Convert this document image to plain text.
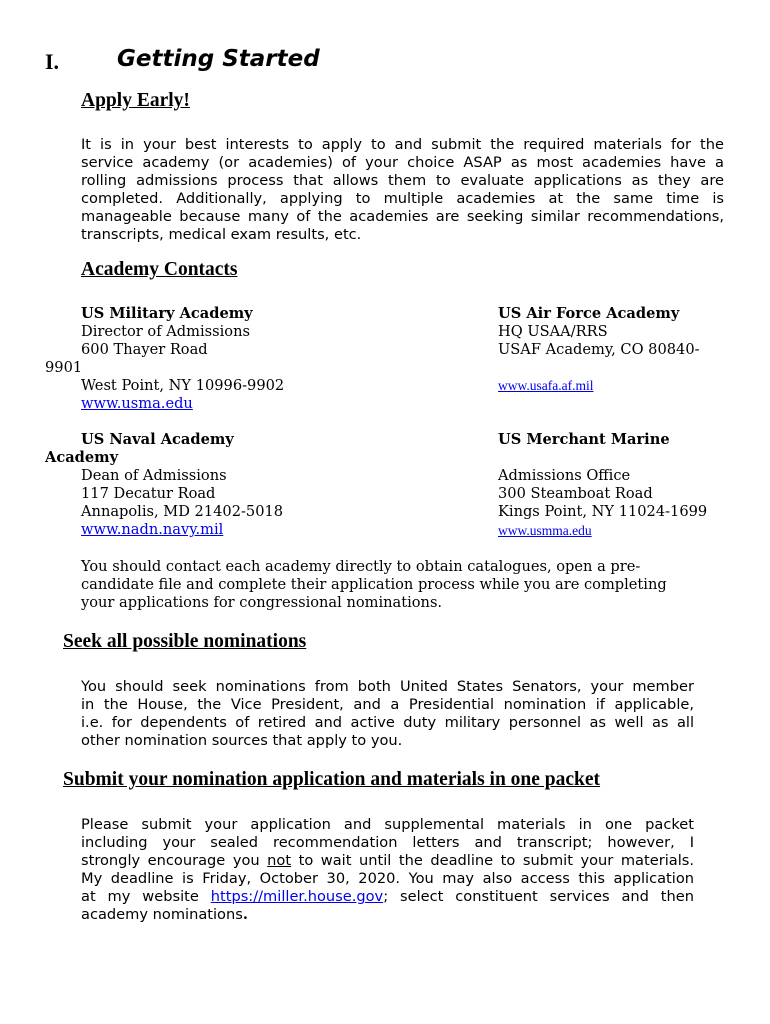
I.	Getting Started
Apply Early!
It is in your best interests to apply to and submit the required materials for the
service academy (or academies) of your choice ASAP as most academies have a
rolling admissions process that allows them to evaluate applications as they are
completed. Additionally, applying to multiple academies at the same time is
manageable because many of the academies are seeking similar recommendations,
transcripts, medical exam results, etc.
Academy Contacts
US Military Academy
Director of Admissions
600 Thayer Road
9901
West Point, NY 10996-9902
www.usma.edu
US Air Force Academy
HQ USAA/RRS
USAF Academy, CO 80840-
www.usafa.af.mil
US Naval Academy
Academy
Dean of Admissions
117 Decatur Road
Annapolis, MD 21402-5018
www.nadn.navy.mil
US Merchant Marine
Admissions Office
300 Steamboat Road
Kings Point, NY 11024-1699
www.usmma.edu
You should contact each academy directly to obtain catalogues, open a pre-
candidate file and complete their application process while you are completing
your applications for congressional nominations.
Seek all possible nominations
You should seek nominations from both United States Senators, your member
in the House, the Vice President, and a Presidential nomination if applicable,
i.e. for dependents of retired and active duty military personnel as well as all
other nomination sources that apply to you.
Submit your nomination application and materials in one packet
Please submit your application and supplemental materials in one packet
including your sealed recommendation letters and transcript; however, I
strongly encourage you not to wait until the deadline to submit your materials.
My deadline is Friday, October 30, 2020. You may also access this application
at my website https://miller.house.gov; select constituent services and then
academy nominations.
